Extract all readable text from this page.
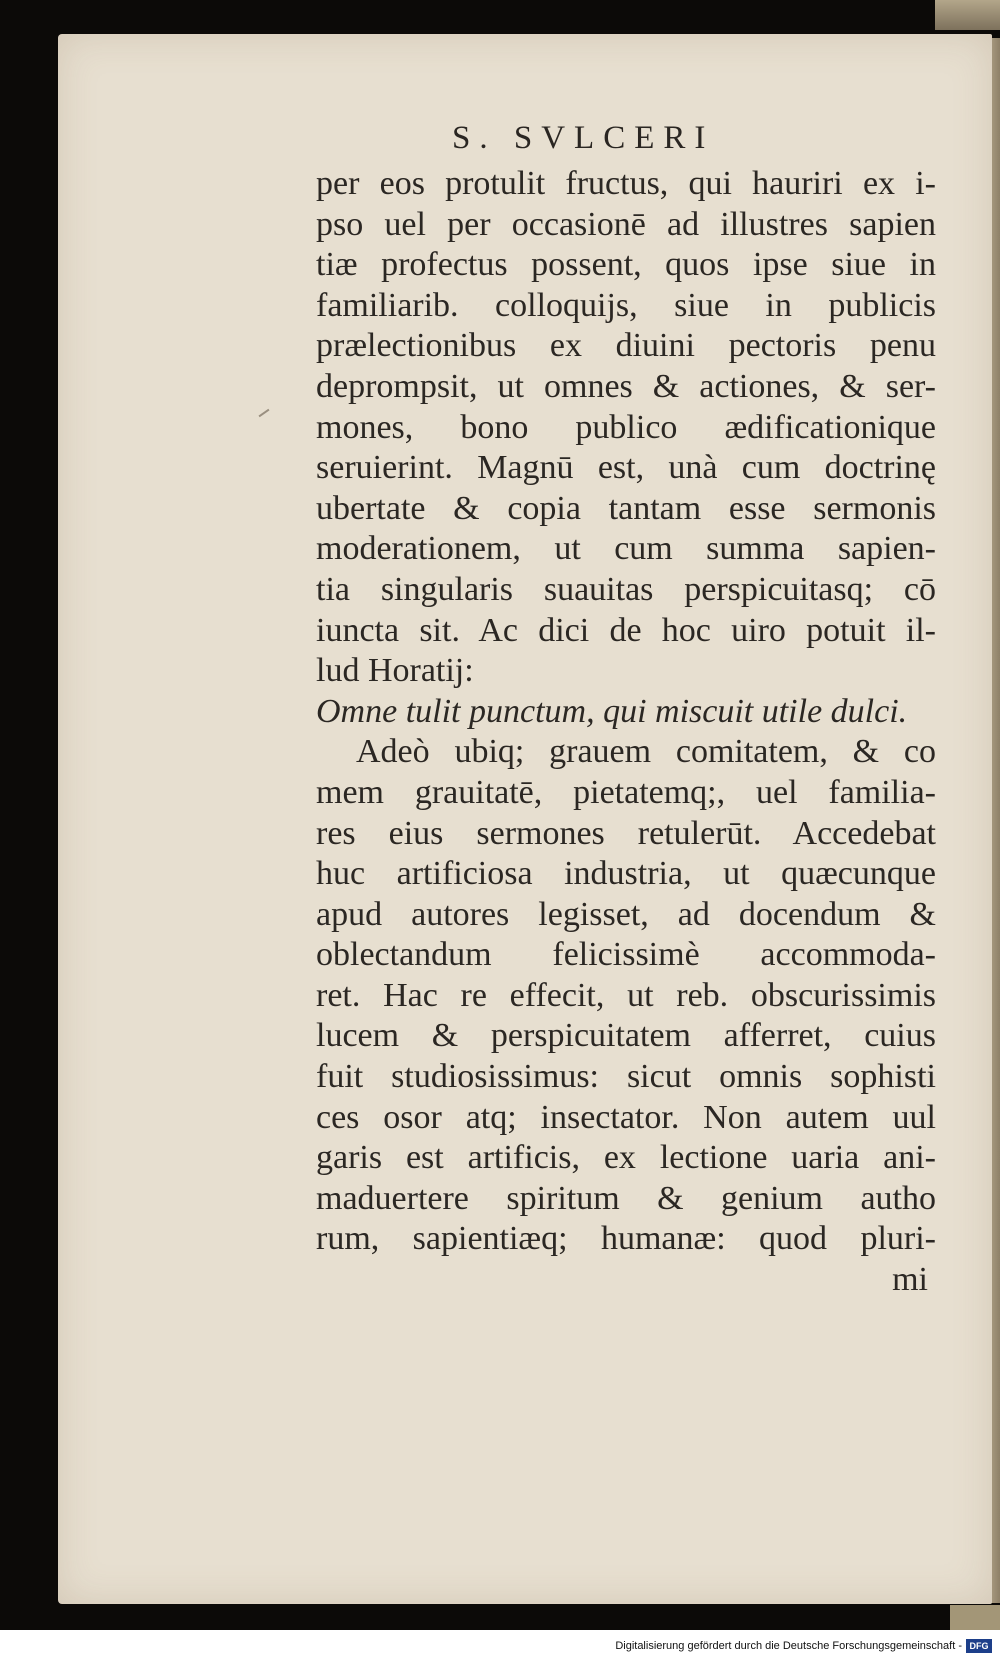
S. SVLCERI
per eos protulit fructus, qui hauriri ex i-
pso uel per occasionē ad illustres sapien
tiæ profectus possent, quos ipse siue in
familiarib. colloquijs, siue in publicis
prælectionibus ex diuini pectoris penu
deprompsit, ut omnes & actiones, & ser-
mones, bono publico ædificationique
seruierint. Magnū est, unà cum doctrinę
ubertate & copia tantam esse sermonis
moderationem, ut cum summa sapien-
tia singularis suauitas perspicuitasq; cō
iuncta sit. Ac dici de hoc uiro potuit il-
lud Horatij:
Omne tulit punctum, qui miscuit utile dulci.
Adeò ubiq; grauem comitatem, & co
mem grauitatē, pietatemq;, uel familia-
res eius sermones retulerūt. Accedebat
huc artificiosa industria, ut quæcunque
apud autores legisset, ad docendum &
oblectandum felicissimè accommoda-
ret. Hac re effecit, ut reb. obscurissimis
lucem & perspicuitatem afferret, cuius
fuit studiosissimus: sicut omnis sophisti
ces osor atq; insectator. Non autem uul
garis est artificis, ex lectione uaria ani-
maduertere spiritum & genium autho
rum, sapientiæq; humanæ: quod pluri-
mi
Digitalisierung gefördert durch die Deutsche Forschungsgemeinschaft - DFG
